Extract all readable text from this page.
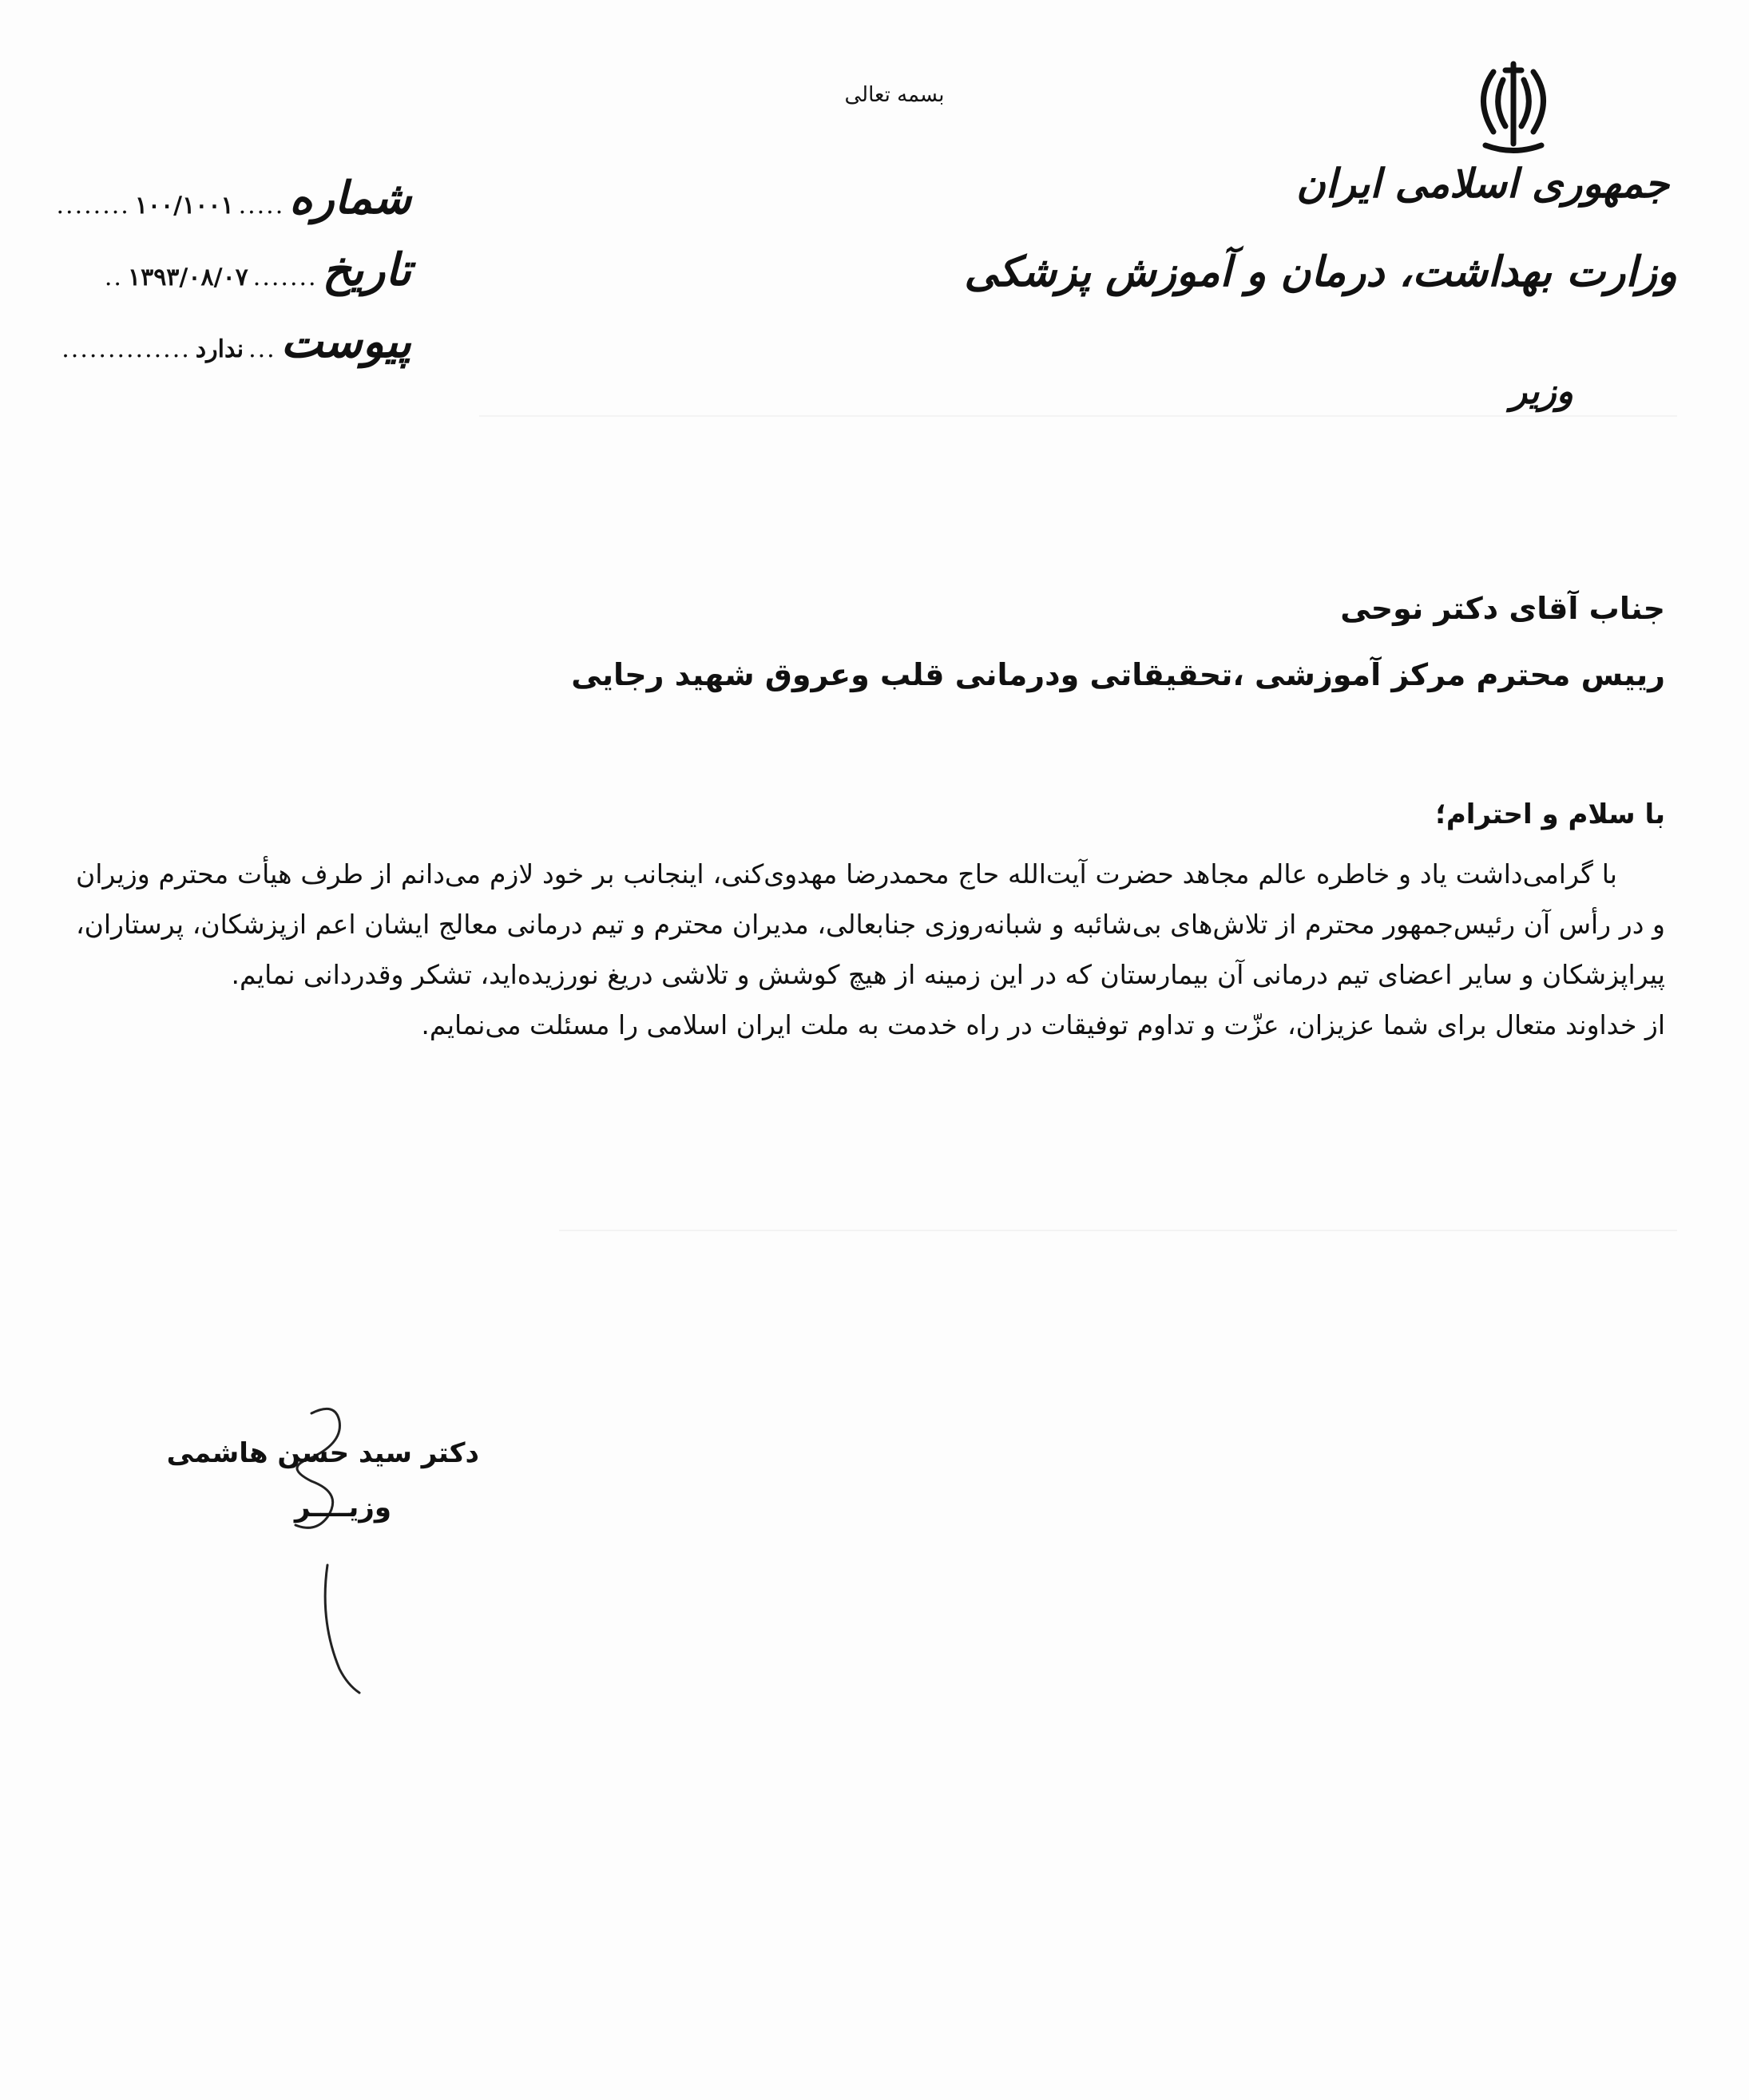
بسمه تعالی
جمهوری اسلامی ایران
وزارت بهداشت، درمان و آموزش پزشکی
وزیر
شماره
.....
۱۰۰/۱۰۰۱
........
تاریخ
.......
۱۳۹۳/۰۸/۰۷
..
پیوست
...
ندارد
..............
جناب آقای دکتر نوحی
رییس محترم مرکز آموزشی ،تحقیقاتی ودرمانی قلب وعروق شهید رجایی
با سلام و احترام؛

با گرامی‌داشت یاد و خاطره عالم مجاهد حضرت آیت‌الله حاج محمدرضا مهدوی‌کنی، اینجانب بر خود لازم می‌دانم از طرف هیأت محترم وزیران و در رأس آن رئیس‌جمهور محترم از تلاش‌های بی‌شائبه و شبانه‌روزی جنابعالی، مدیران محترم و تیم درمانی معالج ایشان اعم ازپزشکان، پرستاران، پیراپزشکان و سایر اعضای تیم درمانی آن بیمارستان که در این زمینه از هیچ کوشش و تلاشی دریغ نورزیده‌اید، تشکر وقدردانی نمایم.

از خداوند متعال برای شما عزیزان، عزّت و تداوم توفیقات در راه خدمت به ملت ایران اسلامی را مسئلت می‌نمایم.

دکتر سید حسن هاشمی
وزیــــر
